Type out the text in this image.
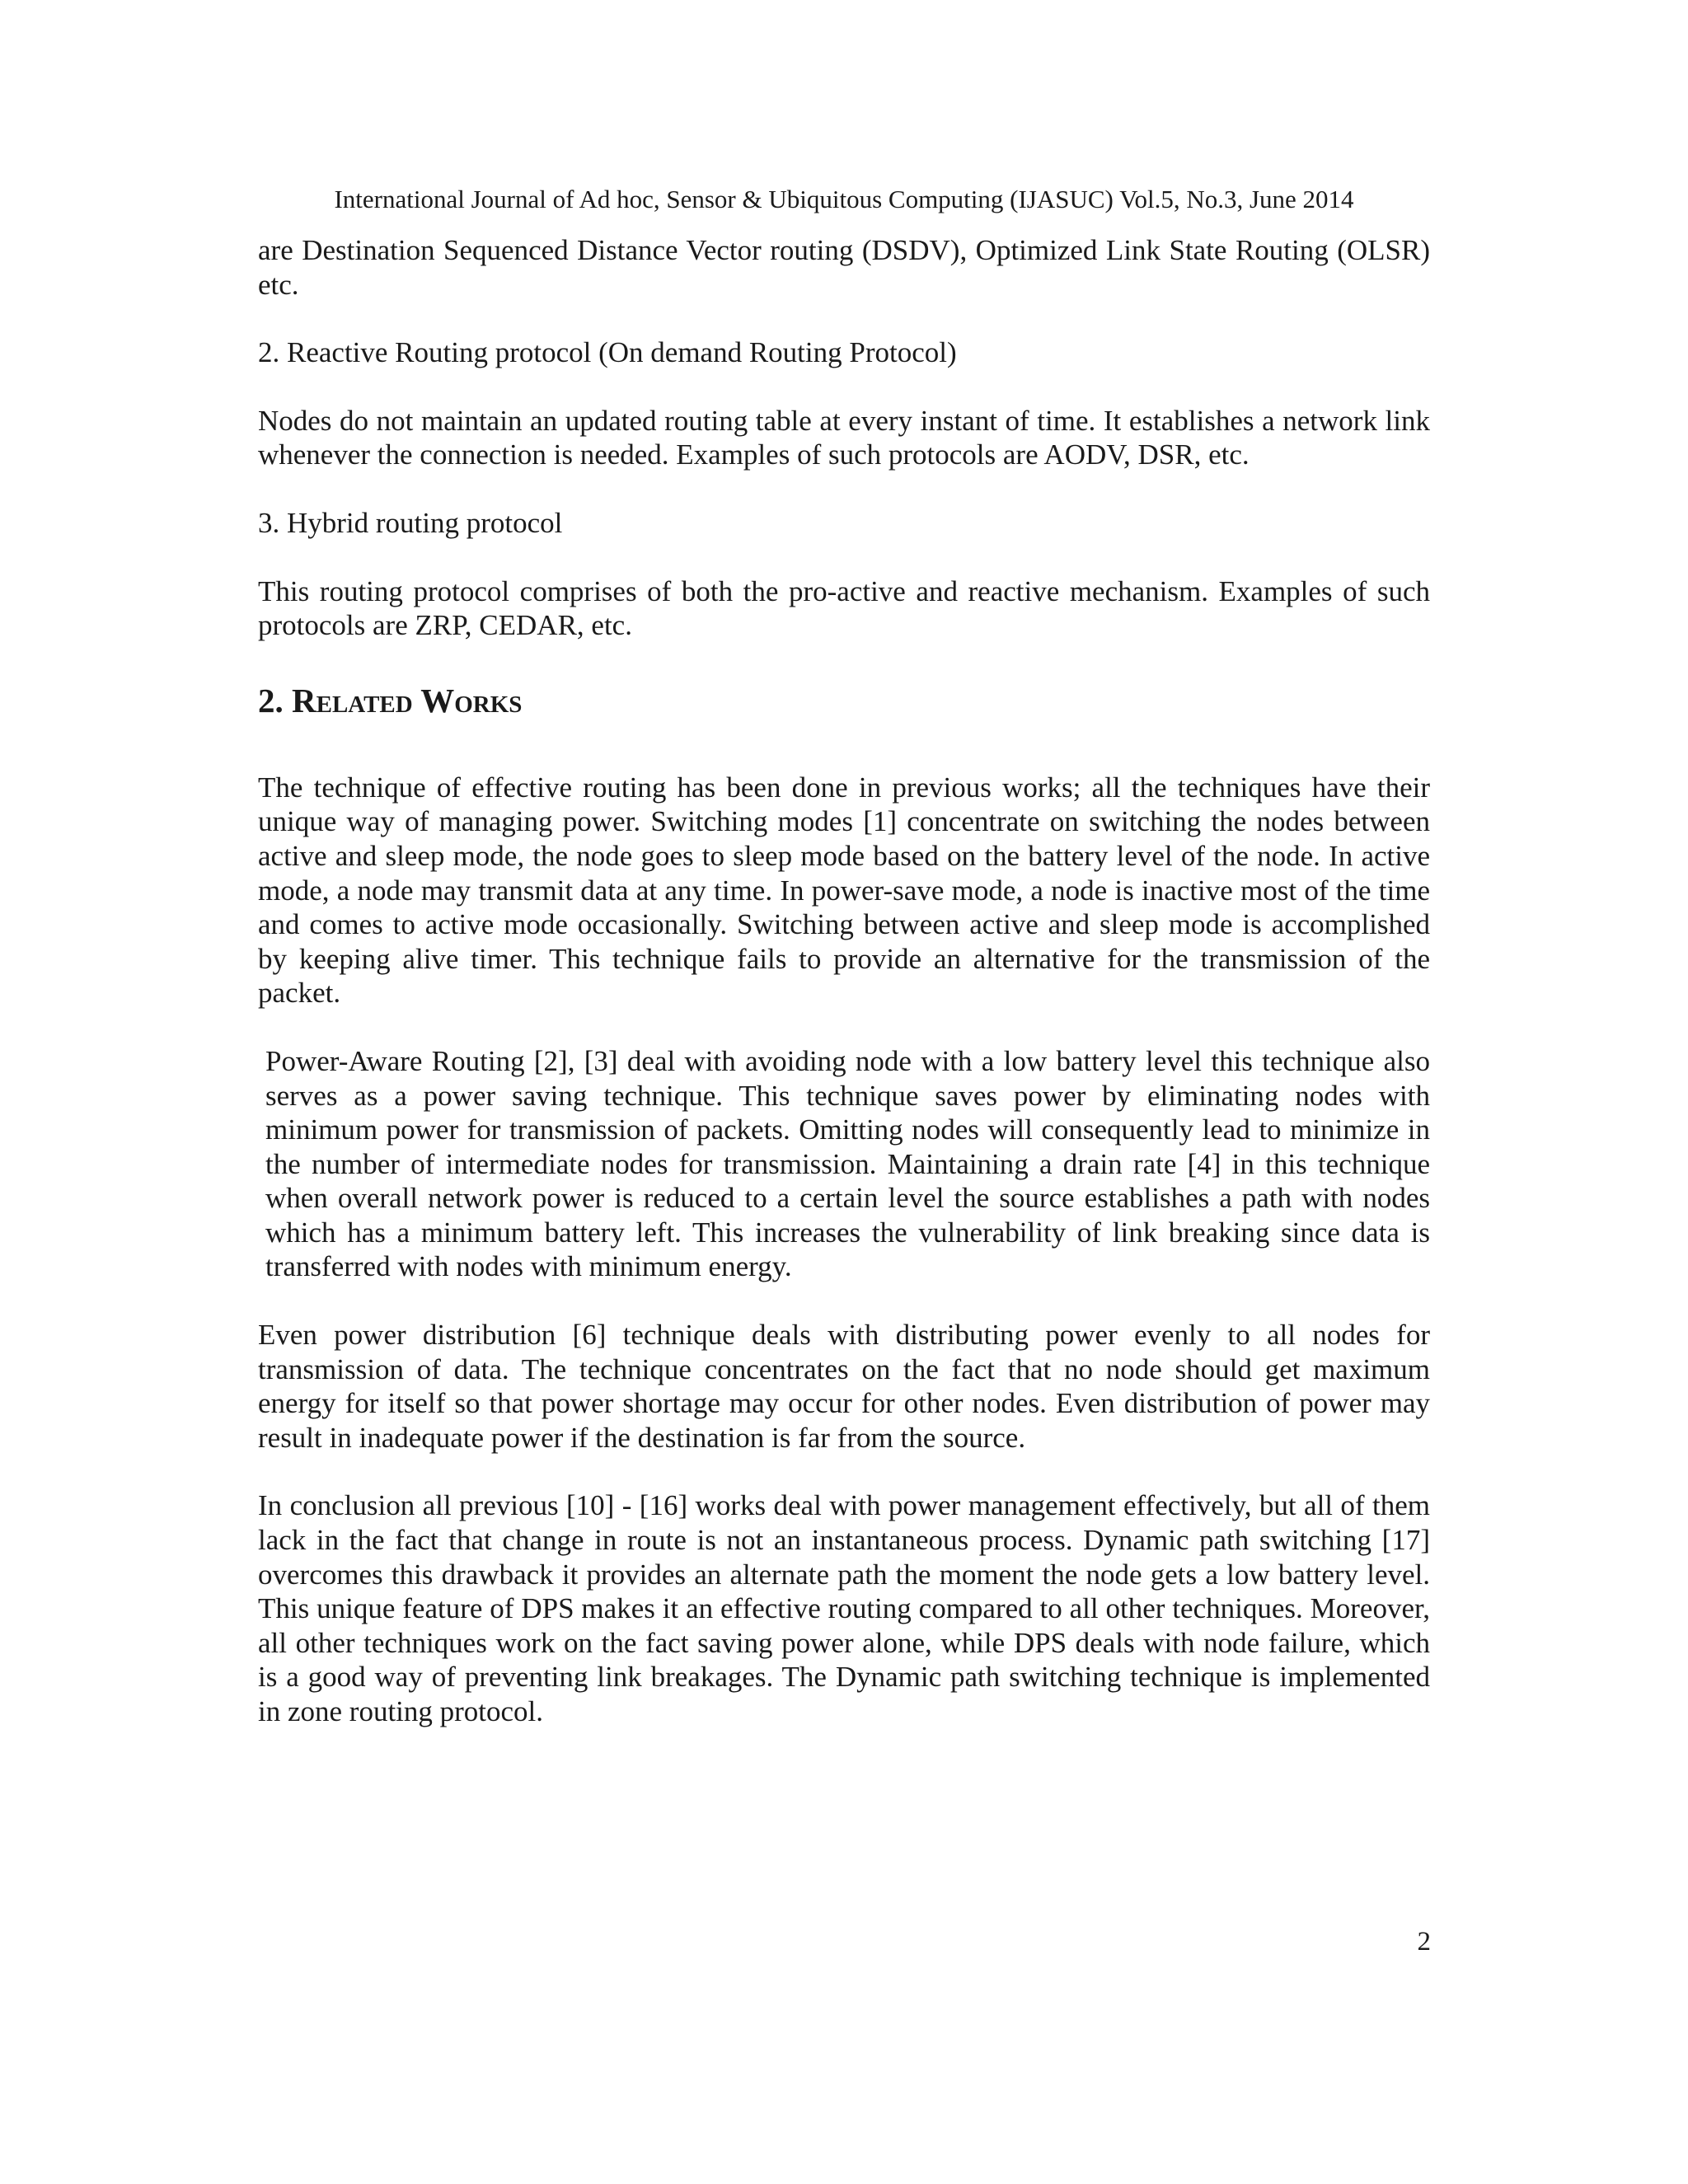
International Journal of Ad hoc, Sensor & Ubiquitous Computing (IJASUC) Vol.5, No.3, June 2014

are Destination Sequenced Distance Vector routing (DSDV), Optimized Link State Routing (OLSR) etc.

2. Reactive Routing protocol (On demand Routing Protocol)

Nodes do not maintain an updated routing table at every instant of time. It establishes a network link whenever the connection is needed. Examples of such protocols are AODV, DSR, etc.

3. Hybrid routing protocol

This routing protocol comprises of both the pro-active and reactive mechanism. Examples of such protocols are ZRP, CEDAR, etc.

2. Related Works

The technique of effective routing has been done in previous works; all the techniques have their unique way of managing power. Switching modes [1] concentrate on switching the nodes between active and sleep mode, the node goes to sleep mode based on the battery level of the node. In active mode, a node may transmit data at any time. In power-save mode, a node is inactive most of the time and comes to active mode occasionally. Switching between active and sleep mode is accomplished by keeping alive timer. This technique fails to provide an alternative for the transmission of the packet.

Power-Aware Routing [2], [3] deal with avoiding node with a low battery level this technique also serves as a power saving technique. This technique saves power by eliminating nodes with minimum power for transmission of packets. Omitting nodes will consequently lead to minimize in the number of intermediate nodes for transmission. Maintaining a drain rate [4] in this technique when overall network power is reduced to a certain level the source establishes a path with nodes which has a minimum battery left. This increases the vulnerability of link breaking since data is transferred with nodes with minimum energy.

Even power distribution [6] technique deals with distributing power evenly to all nodes for transmission of data. The technique concentrates on the fact that no node should get maximum energy for itself so that power shortage may occur for other nodes. Even distribution of power may result in inadequate power if the destination is far from the source.

In conclusion all previous [10] - [16] works deal with power management effectively, but all of them lack in the fact that change in route is not an instantaneous process. Dynamic path switching [17] overcomes this drawback it provides an alternate path the moment the node gets a low battery level. This unique feature of DPS makes it an effective routing compared to all other techniques. Moreover, all other techniques work on the fact saving power alone, while DPS deals with node failure, which is a good way of preventing link breakages. The Dynamic path switching technique is implemented in zone routing protocol.

2
